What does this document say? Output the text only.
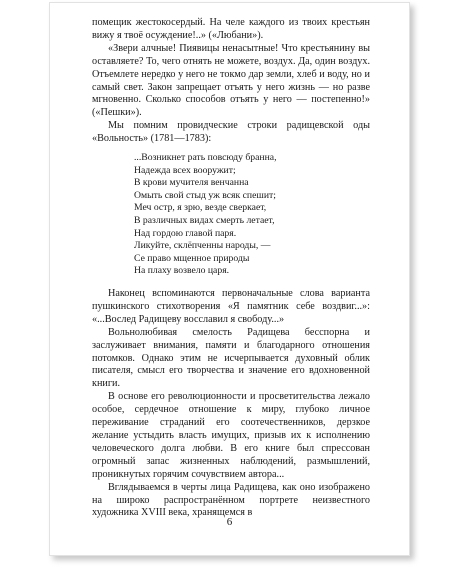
помещик жестокосердый. На челе каждого из твоих крестьян вижу я твоё осуждение!..» («Любани»).

«Звери алчные! Пиявицы ненасытные! Что крестьянину вы оставляете? То, чего отнять не можете, воздух. Да, один воздух. Отъемлете нередко у него не токмо дар земли, хлеб и воду, но и самый свет. Закон запрещает отъять у него жизнь — но разве мгновенно. Сколько способов отъять у него — постепенно!» («Пешки»).

Мы помним провидческие строки радищевской оды «Вольность» (1781—1783):

...Возникнет рать повсюду бранна,
Надежда всех вооружит;
В крови мучителя венчанна
Омыть свой стыд уж всяк спешит;
Меч остр, я зрю, везде сверкает,
В различных видах смерть летает,
Над гордою главой паря.
Ликуйте, склёпченны народы, —
Се право мщенное природы
На плаху возвело царя.

Наконец вспоминаются первоначальные слова варианта пушкинского стихотворения «Я памятник себе воздвиг...»: «...Вослед Радищеву восславил я свободу...»

Вольнолюбивая смелость Радищева бесспорна и заслуживает внимания, памяти и благодарного отношения потомков. Однако этим не исчерпывается духовный облик писателя, смысл его творчества и значение его вдохновенной книги.

В основе его революционности и просветительства лежало особое, сердечное отношение к миру, глубоко личное переживание страданий его соотечественников, дерзкое желание устыдить власть имущих, призыв их к исполнению человеческого долга любви. В его книге был спрессован огромный запас жизненных наблюдений, размышлений, проникнутых горячим сочувствием автора...

Вглядываемся в черты лица Радищева, как оно изображено на широко распространённом портрете неизвестного художника XVIII века, хранящемся в

6
